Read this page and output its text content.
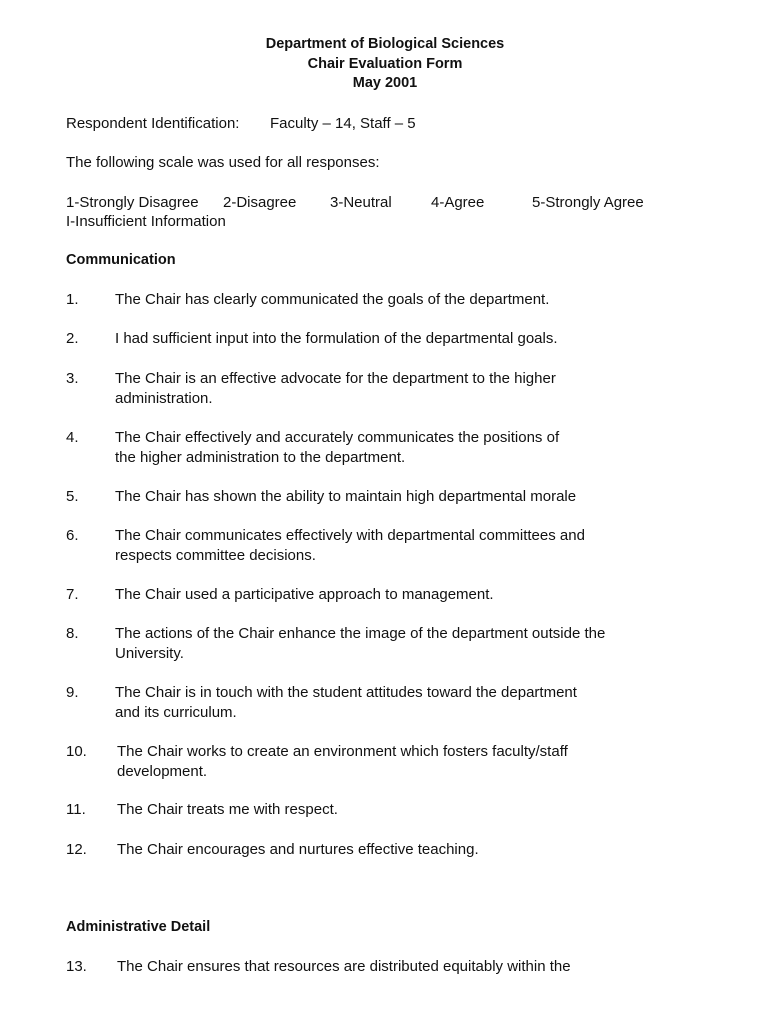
Department of Biological Sciences
Chair Evaluation Form
May 2001
Respondent Identification: Faculty – 14, Staff – 5
The following scale was used for all responses:
1-Strongly Disagree 2-Disagree 3-Neutral	4-Agree	5-Strongly Agree
I-Insufficient Information
Communication
1. The Chair has clearly communicated the goals of the department.
2. I had sufficient input into the formulation of the departmental goals.
3. The Chair is an effective advocate for the department to the higher
administration.
4. The Chair effectively and accurately communicates the positions of
the higher administration to the department.
5. The Chair has shown the ability to maintain high departmental morale
6. The Chair communicates effectively with departmental committees and
respects committee decisions.
7. The Chair used a participative approach to management.
8. The actions of the Chair enhance the image of the department outside the
University.
9. The Chair is in touch with the student attitudes toward the department
and its curriculum.
10. The Chair works to create an environment which fosters faculty/staff
development.
11. The Chair treats me with respect.
12. The Chair encourages and nurtures effective teaching.
Administrative Detail
13. The Chair ensures that resources are distributed equitably within the
